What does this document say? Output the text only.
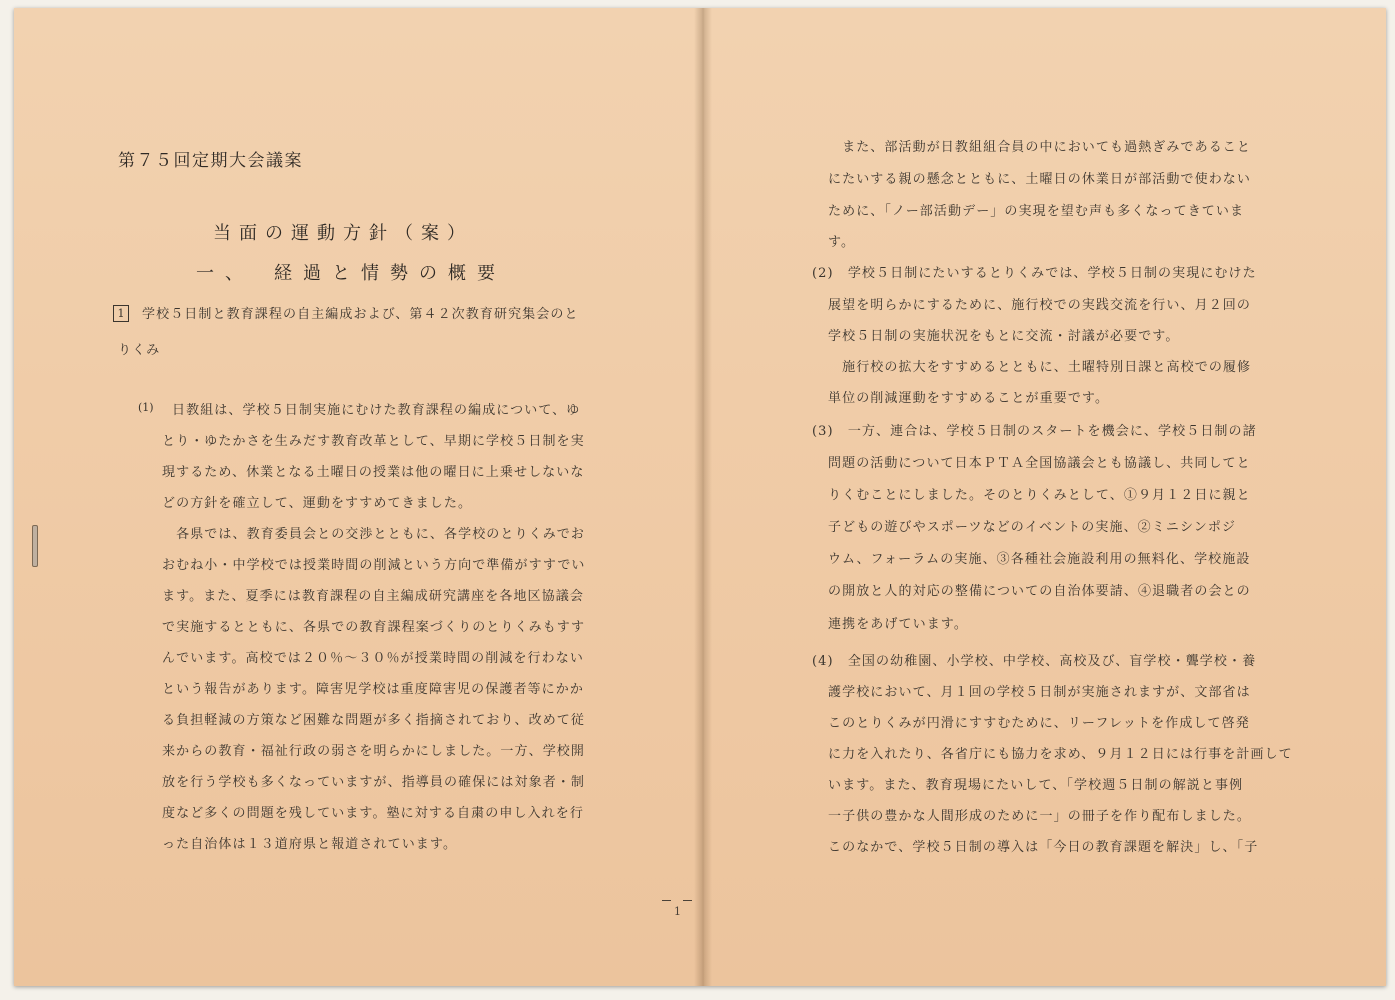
第７５回定期大会議案

当面の運動方針（案）

一、　経過と情勢の概要

1	学校５日制と教育課程の自主編成および、第４２次教育研究集会のと

りくみ

(1) 日教組は、学校５日制実施にむけた教育課程の編成について、ゆ

とり・ゆたかさを生みだす教育改革として、早期に学校５日制を実

現するため、休業となる土曜日の授業は他の曜日に上乗せしないな

どの方針を確立して、運動をすすめてきました。

　各県では、教育委員会との交渉とともに、各学校のとりくみでお

おむね小・中学校では授業時間の削減という方向で準備がすすでい

ます。また、夏季には教育課程の自主編成研究講座を各地区協議会

で実施するとともに、各県での教育課程案づくりのとりくみもすす

んでいます。高校では２０％～３０％が授業時間の削減を行わない

という報告があります。障害児学校は重度障害児の保護者等にかか

る負担軽減の方策など困難な問題が多く指摘されており、改めて従

来からの教育・福祉行政の弱さを明らかにしました。一方、学校開

放を行う学校も多くなっていますが、指導員の確保には対象者・制

度など多くの問題を残しています。塾に対する自粛の申し入れを行

った自治体は１３道府県と報道されています。

1

　また、部活動が日教組組合員の中においても過熱ぎみであること

にたいする親の懸念とともに、土曜日の休業日が部活動で使わない

ために、「ノー部活動デー」の実現を望む声も多くなってきていま

す。

(2)　学校５日制にたいするとりくみでは、学校５日制の実現にむけた

展望を明らかにするために、施行校での実践交流を行い、月２回の

学校５日制の実施状況をもとに交流・討議が必要です。

　施行校の拡大をすすめるとともに、土曜特別日課と高校での履修

単位の削減運動をすすめることが重要です。

(3)　一方、連合は、学校５日制のスタートを機会に、学校５日制の諸

問題の活動について日本ＰＴＡ全国協議会とも協議し、共同してと

りくむことにしました。そのとりくみとして、①９月１２日に親と

子どもの遊びやスポーツなどのイベントの実施、②ミニシンポジ

ウム、フォーラムの実施、③各種社会施設利用の無料化、学校施設

の開放と人的対応の整備についての自治体要請、④退職者の会との

連携をあげています。

(4)　全国の幼稚園、小学校、中学校、高校及び、盲学校・聾学校・養

護学校において、月１回の学校５日制が実施されますが、文部省は

このとりくみが円滑にすすむために、リーフレットを作成して啓発

に力を入れたり、各省庁にも協力を求め、９月１２日には行事を計画して

います。また、教育現場にたいして、「学校週５日制の解説と事例

一子供の豊かな人間形成のために一」の冊子を作り配布しました。

このなかで、学校５日制の導入は「今日の教育課題を解決」し、「子
